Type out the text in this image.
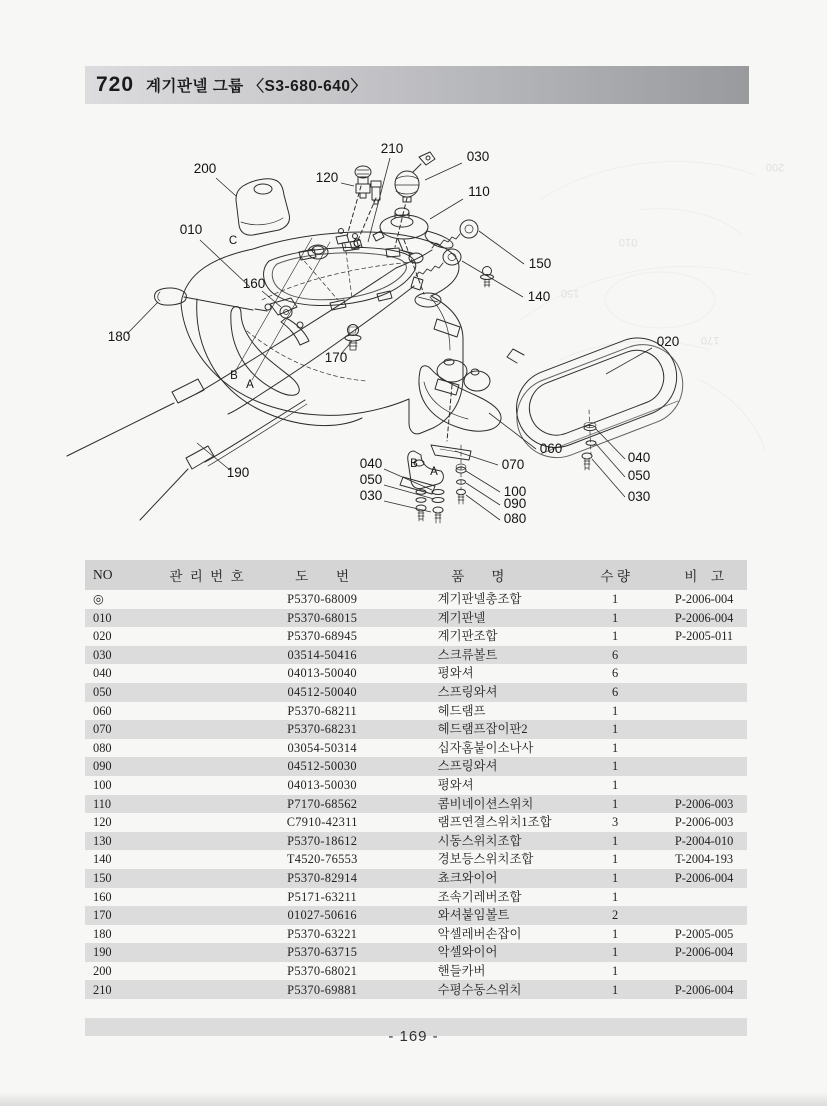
720 계기판넬 그룹 〈S3-680-640〉
200
010
120
210
030
110
150
140
160
180
170
020
060
070
100
090
080
040
050
030
040
050
030
190
C	C
B
A
B
A
010
150
170
200
NO	관 리 번 호	도　　번	품　　명	수 량	비　고
◎		P5370-68009	계기판넬총조합	1	P-2006-004
010		P5370-68015	계기판넬	1	P-2006-004
020		P5370-68945	계기판조합	1	P-2005-011
030		03514-50416	스크류볼트	6	
040		04013-50040	평와셔	6	
050		04512-50040	스프링와셔	6	
060		P5370-68211	헤드램프	1	
070		P5370-68231	헤드램프잡이판2	1	
080		03054-50314	십자홈붙이소나사	1	
090		04512-50030	스프링와셔	1	
100		04013-50030	평와셔	1	
110		P7170-68562	콤비네이션스위치	1	P-2006-003
120		C7910-42311	램프연결스위치1조합	3	P-2006-003
130		P5370-18612	시동스위치조합	1	P-2004-010
140		T4520-76553	경보등스위치조합	1	T-2004-193
150		P5370-82914	쵸크와이어	1	P-2006-004
160		P5171-63211	조속기레버조합	1	
170		01027-50616	와셔붙임볼트	2	
180		P5370-63221	악셀레버손잡이	1	P-2005-005
190		P5370-63715	악셀와이어	1	P-2006-004
200		P5370-68021	핸들카버	1	
210		P5370-69881	수평수동스위치	1	P-2006-004

- 169 -
